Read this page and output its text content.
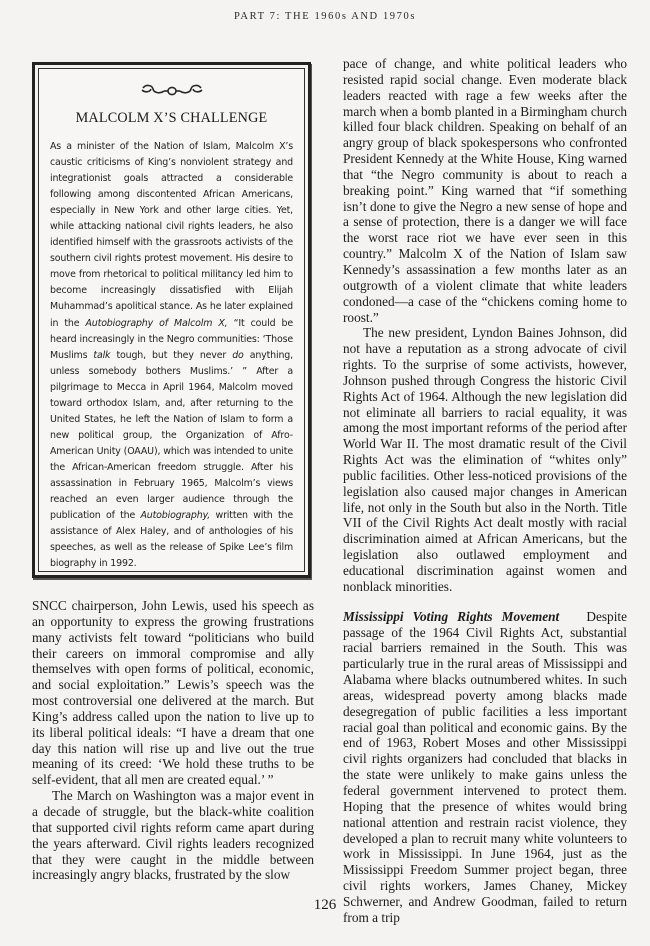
PART 7: THE 1960s AND 1970s
MALCOLM X’S CHALLENGE

As a minister of the Nation of Islam, Malcolm X’s caustic criticisms of King’s nonviolent strategy and integrationist goals attracted a considerable following among discontented African Americans, especially in New York and other large cities. Yet, while attacking national civil rights leaders, he also identified himself with the grassroots activists of the southern civil rights protest movement. His desire to move from rhetorical to political militancy led him to become increasingly dissatisfied with Elijah Muhammad’s apolitical stance. As he later explained in the Autobiography of Malcolm X, “It could be heard increasingly in the Negro communities: ‘Those Muslims talk tough, but they never do anything, unless somebody bothers Muslims.’ ” After a pilgrimage to Mecca in April 1964, Malcolm moved toward orthodox Islam, and, after returning to the United States, he left the Nation of Islam to form a new political group, the Organization of Afro-American Unity (OAAU), which was intended to unite the African-American freedom struggle. After his assassination in February 1965, Malcolm’s views reached an even larger audience through the publication of the Autobiography, written with the assistance of Alex Haley, and of anthologies of his speeches, as well as the release of Spike Lee’s film biography in 1992.

SNCC chairperson, John Lewis, used his speech as an opportunity to express the growing frustrations many activists felt toward “politicians who build their careers on immoral compromise and ally themselves with open forms of political, economic, and social exploitation.” Lewis’s speech was the most controversial one delivered at the march. But King’s address called upon the nation to live up to its liberal political ideals: “I have a dream that one day this nation will rise up and live out the true meaning of its creed: ‘We hold these truths to be self-evident, that all men are created equal.’ ”

The March on Washington was a major event in a decade of struggle, but the black-white coalition that supported civil rights reform came apart during the years afterward. Civil rights leaders recognized that they were caught in the middle between increasingly angry blacks, frustrated by the slow

pace of change, and white political leaders who resisted rapid social change. Even moderate black leaders reacted with rage a few weeks after the march when a bomb planted in a Birmingham church killed four black children. Speaking on behalf of an angry group of black spokespersons who confronted President Kennedy at the White House, King warned that “the Negro community is about to reach a breaking point.” King warned that “if something isn’t done to give the Negro a new sense of hope and a sense of protection, there is a danger we will face the worst race riot we have ever seen in this country.” Malcolm X of the Nation of Islam saw Kennedy’s assassination a few months later as an outgrowth of a violent climate that white leaders condoned—a case of the “chickens coming home to roost.”

The new president, Lyndon Baines Johnson, did not have a reputation as a strong advocate of civil rights. To the surprise of some activists, however, Johnson pushed through Congress the historic Civil Rights Act of 1964. Although the new legislation did not eliminate all barriers to racial equality, it was among the most important reforms of the period after World War II. The most dramatic result of the Civil Rights Act was the elimination of “whites only” public facilities. Other less-noticed provisions of the legislation also caused major changes in American life, not only in the South but also in the North. Title VII of the Civil Rights Act dealt mostly with racial discrimination aimed at African Americans, but the legislation also outlawed employment and educational discrimination against women and nonblack minorities.

Mississippi Voting Rights Movement Despite passage of the 1964 Civil Rights Act, substantial racial barriers remained in the South. This was particularly true in the rural areas of Mississippi and Alabama where blacks outnumbered whites. In such areas, widespread poverty among blacks made desegregation of public facilities a less important racial goal than political and economic gains. By the end of 1963, Robert Moses and other Mississippi civil rights organizers had concluded that blacks in the state were unlikely to make gains unless the federal government intervened to protect them. Hoping that the presence of whites would bring national attention and restrain racist violence, they developed a plan to recruit many white volunteers to work in Mississippi. In June 1964, just as the Mississippi Freedom Summer project began, three civil rights workers, James Chaney, Mickey Schwerner, and Andrew Goodman, failed to return from a trip

126
